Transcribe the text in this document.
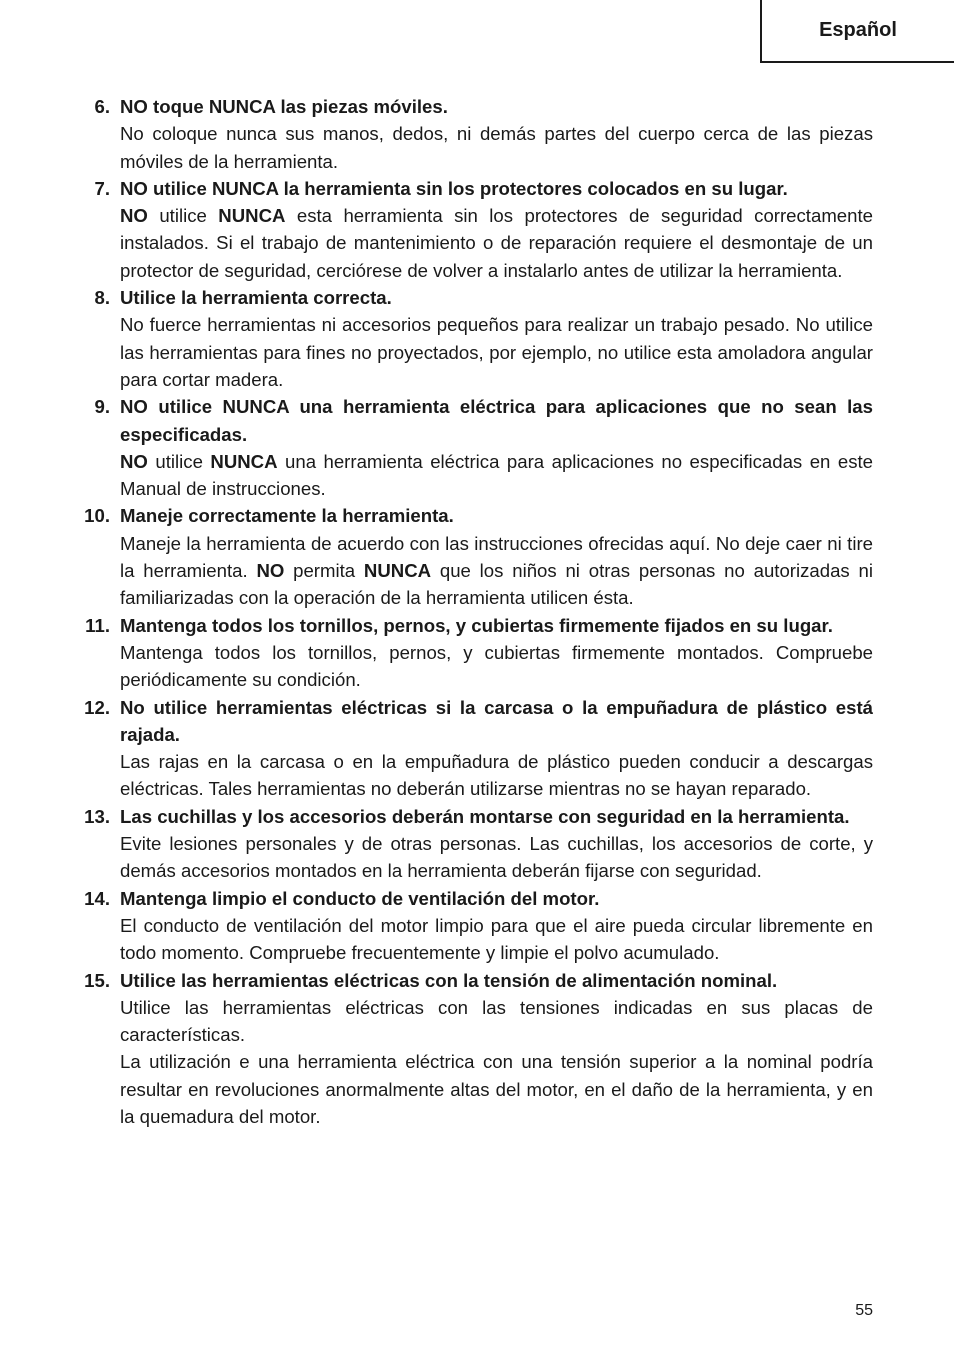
Español
6. NO toque NUNCA las piezas móviles.
No coloque nunca sus manos, dedos, ni demás partes del cuerpo cerca de las piezas móviles de la herramienta.
7. NO utilice NUNCA la herramienta sin los protectores colocados en su lugar.
NO utilice NUNCA esta herramienta sin los protectores de seguridad correctamente instalados. Si el trabajo de mantenimiento o de reparación requiere el desmontaje de un protector de seguridad, cerciórese de volver a instalarlo antes de utilizar la herramienta.
8. Utilice la herramienta correcta.
No fuerce herramientas ni accesorios pequeños para realizar un trabajo pesado. No utilice las herramientas para fines no proyectados, por ejemplo, no utilice esta amoladora angular para cortar madera.
9. NO utilice NUNCA una herramienta eléctrica para aplicaciones que no sean las especificadas.
NO utilice NUNCA una herramienta eléctrica para aplicaciones no especificadas en este Manual de instrucciones.
10. Maneje correctamente la herramienta.
Maneje la herramienta de acuerdo con las instrucciones ofrecidas aquí. No deje caer ni tire la herramienta. NO permita NUNCA que los niños ni otras personas no autorizadas ni familiarizadas con la operación de la herramienta utilicen ésta.
11. Mantenga todos los tornillos, pernos, y cubiertas firmemente fijados en su lugar.
Mantenga todos los tornillos, pernos, y cubiertas firmemente montados. Compruebe periódicamente su condición.
12. No utilice herramientas eléctricas si la carcasa o la empuñadura de plástico está rajada.
Las rajas en la carcasa o en la empuñadura de plástico pueden conducir a descargas eléctricas. Tales herramientas no deberán utilizarse mientras no se hayan reparado.
13. Las cuchillas y los accesorios deberán montarse con seguridad en la herramienta.
Evite lesiones personales y de otras personas. Las cuchillas, los accesorios de corte, y demás accesorios montados en la herramienta deberán fijarse con seguridad.
14. Mantenga limpio el conducto de ventilación del motor.
El conducto de ventilación del motor limpio para que el aire pueda circular libremente en todo momento. Compruebe frecuentemente y limpie el polvo acumulado.
15. Utilice las herramientas eléctricas con la tensión de alimentación nominal.
Utilice las herramientas eléctricas con las tensiones indicadas en sus placas de características.
La utilización e una herramienta eléctrica con una tensión superior a la nominal podría resultar en revoluciones anormalmente altas del motor, en el daño de la herramienta, y en la quemadura del motor.
55
